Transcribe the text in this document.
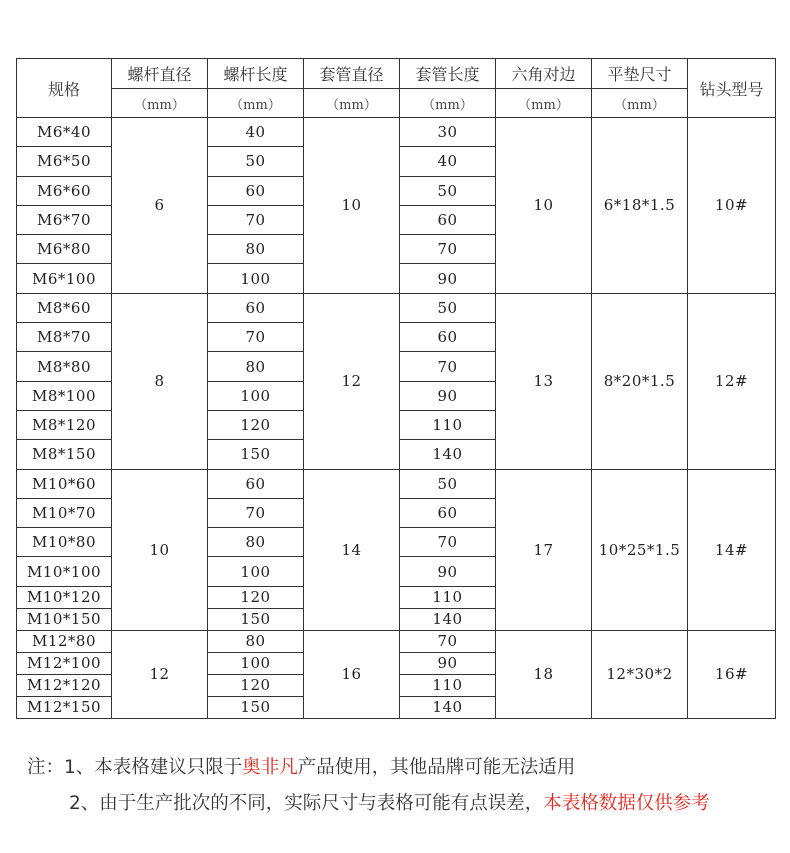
规格	螺杆直径	螺杆长度	套管直径	套管长度	六角对边	平垫尺寸	钻头型号
	（mm）	（mm）	（mm）	（mm）	（mm）	（mm）	
M6*40	6	40	10	30	10	6*18*1.5	10#
M6*50		50		40			
M6*60		60		50			
M6*70		70		60			
M6*80		80		70			
M6*100		100		90			
M8*60	8	60	12	50	13	8*20*1.5	12#
M8*70		70		60			
M8*80		80		70			
M8*100		100		90			
M8*120		120		110			
M8*150		150		140			
M10*60	10	60	14	50	17	10*25*1.5	14#
M10*70		70		60			
M10*80		80		70			
M10*100		100		90			
M10*120		120		110			
M10*150		150		140			
M12*80	12	80	16	70	18	12*30*2	16#
M12*100		100		90			
M12*120		120		110			
M12*150		150		140			
注：1、本表格建议只限于奥非凡产品使用，其他品牌可能无法适用
2、由于生产批次的不同，实际尺寸与表格可能有点误差，本表格数据仅供参考
